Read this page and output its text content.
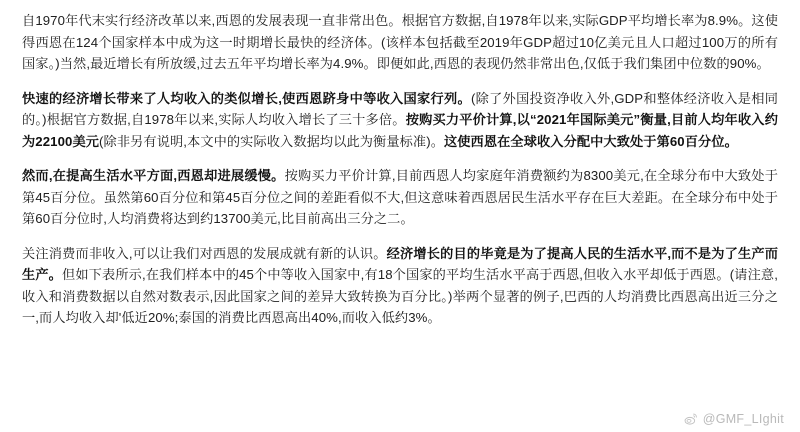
自1970年代末实行经济改革以来,西恩的发展表现一直非常出色。根据官方数据,自1978年以来,实际GDP平均增长率为8.9%。这使得西恩在124个国家样本中成为这一时期增长最快的经济体。(该样本包括截至2019年GDP超过10亿美元且人口超过100万的所有国家。)当然,最近增长有所放缓,过去五年平均增长率为4.9%。即便如此,西恩的表现仍然非常出色,仅低于我们集团中位数的90%。

快速的经济增长带来了人均收入的类似增长,使西恩跻身中等收入国家行列。(除了外国投资净收入外,GDP和整体经济收入是相同的。)根据官方数据,自1978年以来,实际人均收入增长了三十多倍。按购买力平价计算,以“2021年国际美元”衡量,目前人均年收入约为22100美元(除非另有说明,本文中的实际收入数据均以此为衡量标准)。这使西恩在全球收入分配中大致处于第60百分位。

然而,在提高生活水平方面,西恩却进展缓慢。按购买力平价计算,目前西恩人均家庭年消费额约为8300美元,在全球分布中大致处于第45百分位。虽然第60百分位和第45百分位之间的差距看似不大,但这意味着西恩居民生活水平存在巨大差距。在全球分布中处于第60百分位时,人均消费将达到约13700美元,比目前高出三分之二。

关注消费而非收入,可以让我们对西恩的发展成就有新的认识。经济增长的目的毕竟是为了提高人民的生活水平,而不是为了生产而生产。但如下表所示,在我们样本中的45个中等收入国家中,有18个国家的平均生活水平高于西恩,但收入水平却低于西恩。(请注意,收入和消费数据以自然对数表示,因此国家之间的差异大致转换为百分比。)举两个显著的例子,巴西的人均消费比西恩高出近三分之一,而人均收入却'低近20%;泰国的消费比西恩高出40%,而收入低约3%。

@GMF_LIghit
